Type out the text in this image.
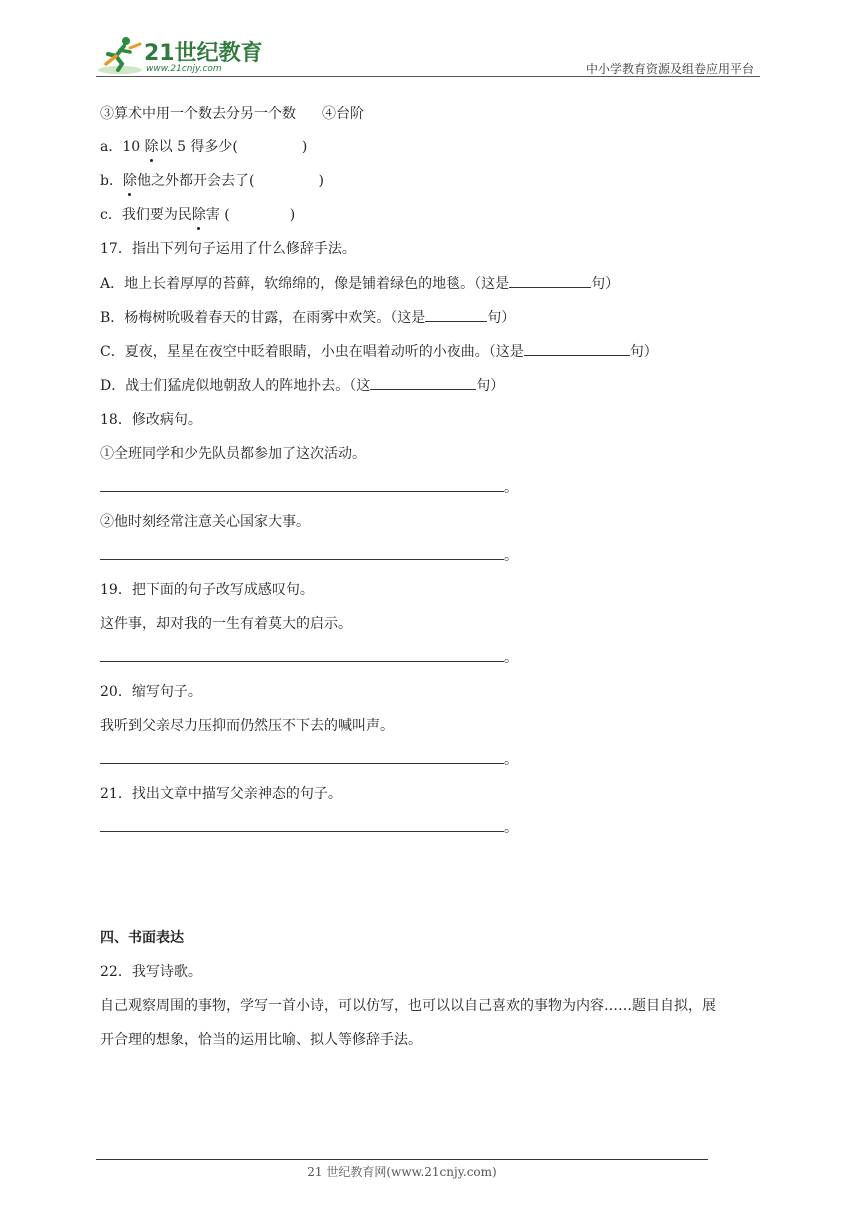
21世纪教育
www.21cnjy.com	中小学教育资源及组卷应用平台
③算术中用一个数去分另一个数 ④台阶
a．10 除以 5 得多少(	)
b．除他之外都开会去了(	)
c．我们要为民除害 (	)
17．指出下列句子运用了什么修辞手法。
A．地上长着厚厚的苔藓，软绵绵的，像是铺着绿色的地毯。（这是	句）
B．杨梅树吮吸着春天的甘露，在雨雾中欢笑。（这是	句）
C．夏夜，星星在夜空中眨着眼睛，小虫在唱着动听的小夜曲。（这是	句）
D．战士们猛虎似地朝敌人的阵地扑去。（这	句）
18．修改病句。
①全班同学和少先队员都参加了这次活动。
。
②他时刻经常注意关心国家大事。
。
19．把下面的句子改写成感叹句。
这件事，却对我的一生有着莫大的启示。
。
20．缩写句子。
我听到父亲尽力压抑而仍然压不下去的喊叫声。
。
21．找出文章中描写父亲神态的句子。
。
四、书面表达
22．我写诗歌。
自己观察周围的事物，学写一首小诗，可以仿写，也可以以自己喜欢的事物为内容……题目自拟，展
开合理的想象，恰当的运用比喻、拟人等修辞手法。
21 世纪教育网(www.21cnjy.com)
